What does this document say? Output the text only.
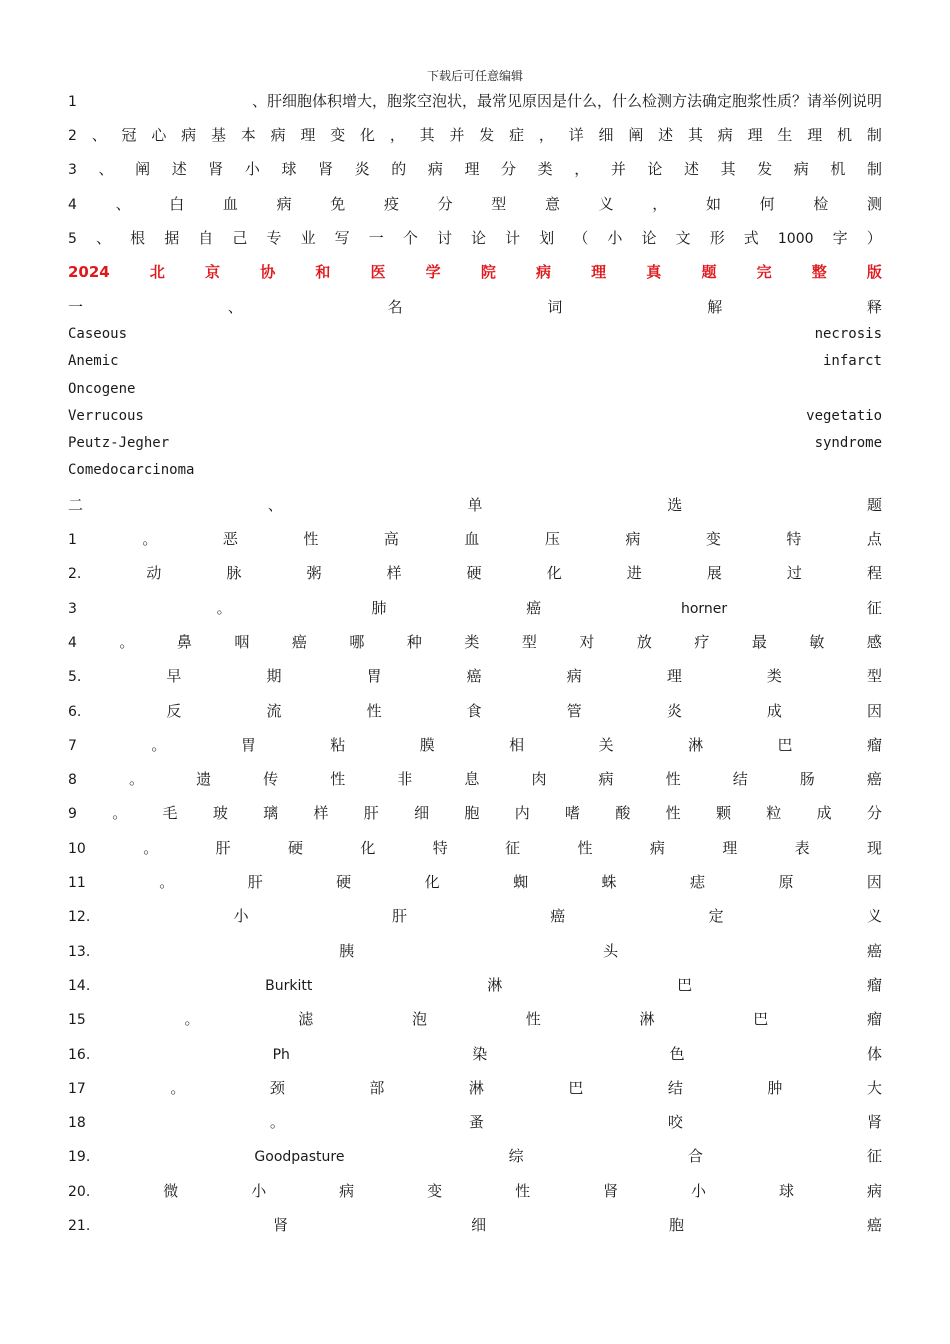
下载后可任意编辑
1	、肝细胞体积增大，胞浆空泡状，最常见原因是什么，什么检测方法确定胞浆性质？请举例说明
2 、 冠 心 病 基 本 病 理 变 化 ， 其 并 发 症 ， 详 细 阐 述 其 病 理 生 理 机 制
3 、 阐 述 肾 小 球 肾 炎 的 病 理 分 类 ， 并 论 述 其 发 病 机 制
4	、	白	血	病	免	疫	分	型	意	义	，	如	何	检	测
5 、 根 据 自 己 专 业 写 一 个 讨 论 计 划 （ 小 论 文 形 式 1000 字 ）
2024	北	京	协	和	医	学	院	病	理	真	题	完	整	版
一	、	名	词	解	释
Caseous	necrosis
Anemic	infarct
Oncogene
Verrucous	vegetatio
Peutz-Jegher	syndrome
Comedocarcinoma
二	、	单	选	题
1	。	恶	性	高	血	压	病	变	特	点
2.	动	脉	粥	样	硬	化	进	展	过	程
3	。	肺	癌	horner	征
4	。	鼻	咽	癌	哪	种	类	型	对	放	疗	最	敏	感
5.	早	期	胃	癌	病	理	类	型
6.	反	流	性	食	管	炎	成	因
7	。	胃	粘	膜	相	关	淋	巴	瘤
8	。	遗	传	性	非	息	肉	病	性	结	肠	癌
9 。 毛 玻 璃 样 肝 细 胞 内 嗜 酸 性 颗 粒 成 分
10	。	肝	硬	化	特	征	性	病	理	表	现
11	。	肝	硬	化	蜘	蛛	痣	原	因
12.	小	肝	癌	定	义
13.	胰	头	癌
14.	Burkitt	淋	巴	瘤
15	。	滤	泡	性	淋	巴	瘤
16.	Ph	染	色	体
17	。	颈	部	淋	巴	结	肿	大
18	。	蚤	咬	肾
19.	Goodpasture	综	合	征
20.	微	小	病	变	性	肾	小	球	病
21.	肾	细	胞	癌
